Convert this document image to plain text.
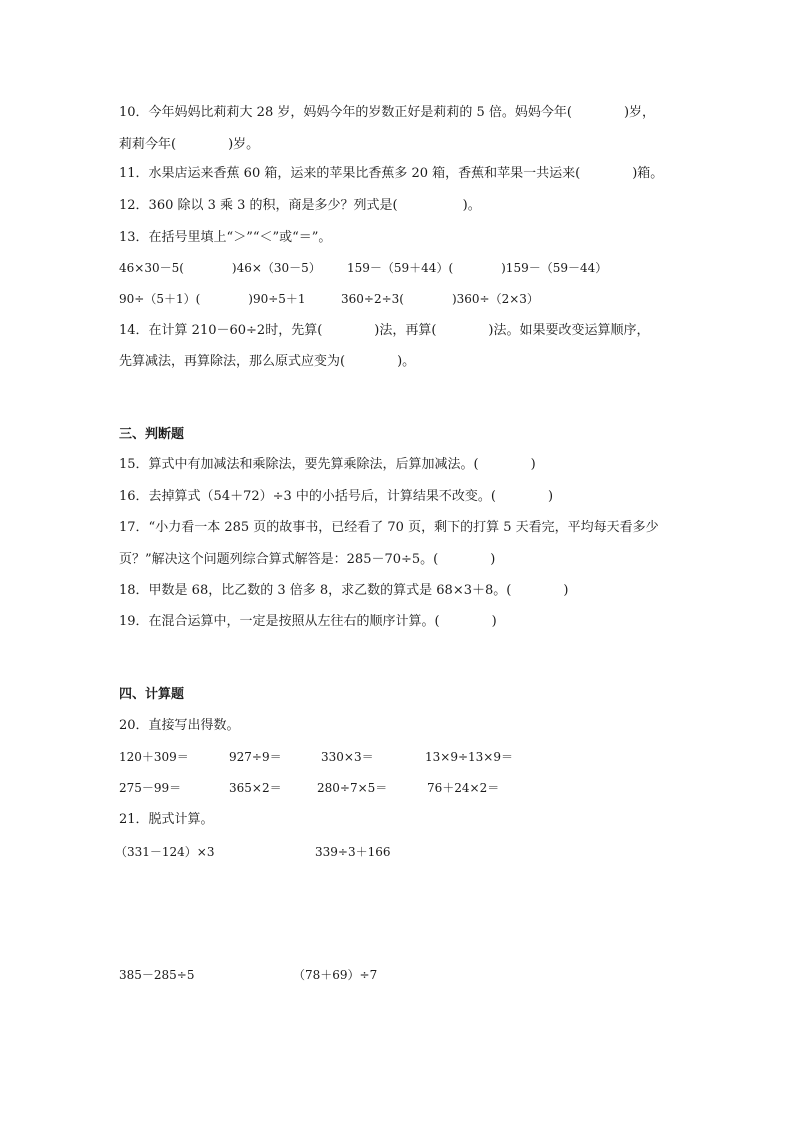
10．今年妈妈比莉莉大 28 岁，妈妈今年的岁数正好是莉莉的 5 倍。妈妈今年(　　　　)岁，
莉莉今年(　　　　)岁。
11．水果店运来香蕉 60 箱，运来的苹果比香蕉多 20 箱，香蕉和苹果一共运来(　　　　)箱。
12．360 除以 3 乘 3 的积，商是多少？列式是(　　　　　)。
13．在括号里填上“＞”“＜”或“＝”。
46×30－5(　　　　)46×（30－5） 159－（59＋44）(　　　　)159－（59－44）
90÷（5＋1）(　　　　)90÷5＋1	360÷2÷3(　　　　)360÷（2×3）
14．在计算 210－60÷2时，先算(　　　　)法，再算(　　　　)法。如果要改变运算顺序，
先算减法，再算除法，那么原式应变为(　　　　)。
三、判断题
15．算式中有加减法和乘除法，要先算乘除法，后算加减法。(　　　　)
16．去掉算式（54＋72）÷3 中的小括号后，计算结果不改变。(　　　　)
17．“小力看一本 285 页的故事书，已经看了 70 页，剩下的打算 5 天看完，平均每天看多少
页？”解决这个问题列综合算式解答是：285－70÷5。(　　　　)
18．甲数是 68，比乙数的 3 倍多 8，求乙数的算式是 68×3＋8。(　　　　)
19．在混合运算中，一定是按照从左往右的顺序计算。(　　　　)
四、计算题
20．直接写出得数。
120＋309＝	927÷9＝	330×3＝	13×9÷13×9＝
275－99＝	365×2＝	280÷7×5＝	76＋24×2＝
21．脱式计算。
（331－124）×3	339÷3＋166
385－285÷5	（78＋69）÷7
